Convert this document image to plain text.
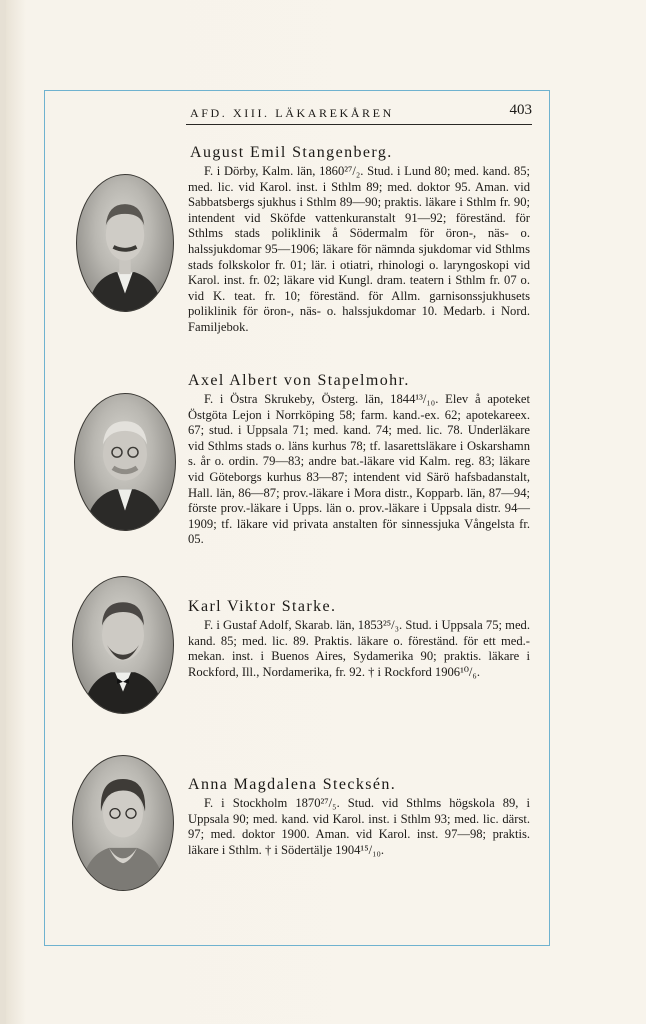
AFD. XIII. LÄKAREKÅREN	403
August Emil Stangenberg.
F. i Dörby, Kalm. län, 1860²⁷/₂. Stud. i Lund 80; med. kand. 85; med. lic. vid Karol. inst. i Sthlm 89; med. doktor 95. Aman. vid Sabbatsbergs sjukhus i Sthlm 89—90; praktis. läkare i Sthlm fr. 90; intendent vid Sköfde vattenkuranstalt 91—92; föreständ. för Sthlms stads poliklinik å Södermalm för öron-, näs- o. halssjukdomar 95—1906; läkare för nämnda sjukdomar vid Sthlms stads folkskolor fr. 01; lär. i otiatri, rhinologi o. laryngoskopi vid Karol. inst. fr. 02; läkare vid Kungl. dram. teatern i Sthlm fr. 07 o. vid K. teat. fr. 10; föreständ. för Allm. garnisonssjukhusets poliklinik för öron-, näs- o. halssjukdomar 10. Medarb. i Nord. Familjebok.
Axel Albert von Stapelmohr.
F. i Östra Skrukeby, Österg. län, 1844¹³/₁₀. Elev å apoteket Östgöta Lejon i Norrköping 58; farm. kand.-ex. 62; apotekareex. 67; stud. i Uppsala 71; med. kand. 74; med. lic. 78. Underläkare vid Sthlms stads o. läns kurhus 78; tf. lasarettsläkare i Oskarshamn s. år o. ordin. 79—83; andre bat.-läkare vid Kalm. reg. 83; läkare vid Göteborgs kurhus 83—87; intendent vid Särö hafsbadanstalt, Hall. län, 86—87; prov.-läkare i Mora distr., Kopparb. län, 87—94; förste prov.-läkare i Upps. län o. prov.-läkare i Uppsala distr. 94—1909; tf. läkare vid privata anstalten för sinnessjuka Vångelsta fr. 05.
Karl Viktor Starke.
F. i Gustaf Adolf, Skarab. län, 1853²⁵/₃. Stud. i Uppsala 75; med. kand. 85; med. lic. 89. Praktis. läkare o. föreständ. för ett med.-mekan. inst. i Buenos Aires, Sydamerika 90; praktis. läkare i Rockford, Ill., Nordamerika, fr. 92. † i Rockford 1906¹⁰/₆.
Anna Magdalena Stecksén.
F. i Stockholm 1870²⁷/₅. Stud. vid Sthlms högskola 89, i Uppsala 90; med. kand. vid Karol. inst. i Sthlm 93; med. lic. därst. 97; med. doktor 1900. Aman. vid Karol. inst. 97—98; praktis. läkare i Sthlm. † i Södertälje 1904¹⁵/₁₀.
